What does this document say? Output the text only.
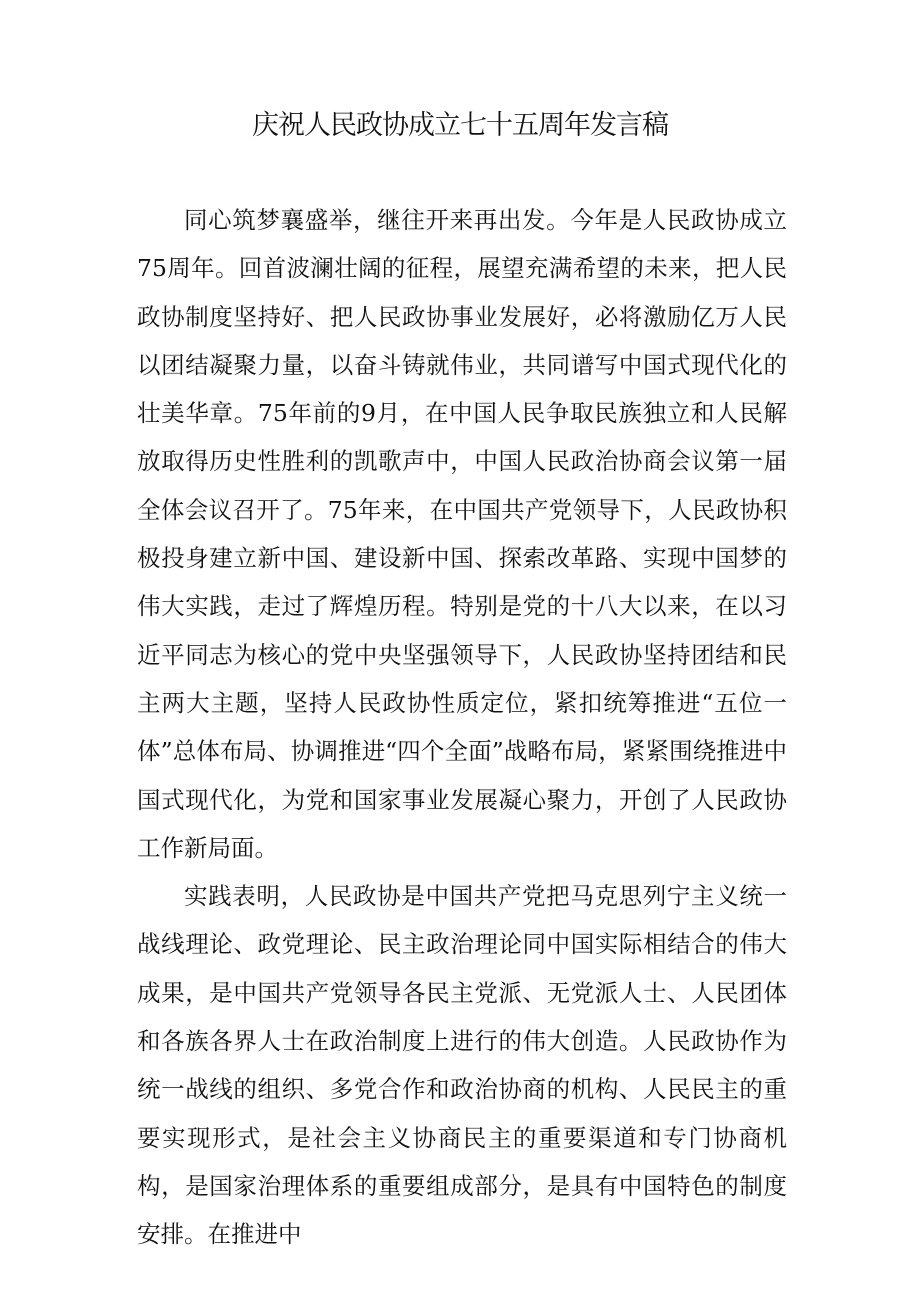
庆祝人民政协成立七十五周年发言稿

同心筑梦襄盛举，继往开来再出发。今年是人民政协成立75周年。回首波澜壮阔的征程，展望充满希望的未来，把人民政协制度坚持好、把人民政协事业发展好，必将激励亿万人民以团结凝聚力量，以奋斗铸就伟业，共同谱写中国式现代化的壮美华章。75年前的9月，在中国人民争取民族独立和人民解放取得历史性胜利的凯歌声中，中国人民政治协商会议第一届全体会议召开了。75年来，在中国共产党领导下，人民政协积极投身建立新中国、建设新中国、探索改革路、实现中国梦的伟大实践，走过了辉煌历程。特别是党的十八大以来，在以习近平同志为核心的党中央坚强领导下，人民政协坚持团结和民主两大主题，坚持人民政协性质定位，紧扣统筹推进“五位一体”总体布局、协调推进“四个全面”战略布局，紧紧围绕推进中国式现代化，为党和国家事业发展凝心聚力，开创了人民政协工作新局面。

实践表明，人民政协是中国共产党把马克思列宁主义统一战线理论、政党理论、民主政治理论同中国实际相结合的伟大成果，是中国共产党领导各民主党派、无党派人士、人民团体和各族各界人士在政治制度上进行的伟大创造。人民政协作为统一战线的组织、多党合作和政治协商的机构、人民民主的重要实现形式，是社会主义协商民主的重要渠道和专门协商机构，是国家治理体系的重要组成部分，是具有中国特色的制度安排。在推进中
